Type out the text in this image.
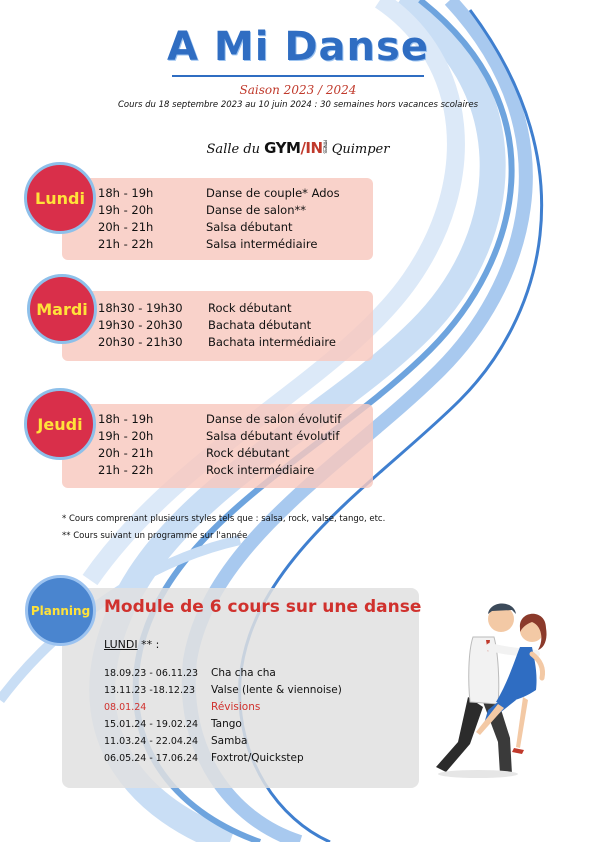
A Mi Danse
Saison 2023 / 2024
Cours du 18 septembre 2023 au 10 juin 2024 : 30 semaines hors vacances scolaires
Salle du GYM/INFITNESS Quimper
18h - 19h	Danse de couple* Ados
19h - 20h	Danse de salon**
20h - 21h	Salsa débutant
21h - 22h	Salsa intermédiaire
Lundi
18h30 - 19h30 Rock débutant
19h30 - 20h30 Bachata débutant
20h30 - 21h30 Bachata intermédiaire
Mardi
18h - 19h	Danse de salon évolutif
19h - 20h	Salsa débutant évolutif
20h - 21h	Rock débutant
21h - 22h	Rock intermédiaire
Jeudi
* Cours comprenant plusieurs styles tels que : salsa, rock, valse, tango, etc.
** Cours suivant un programme sur l'année
Planning Module de 6 cours sur une danse
LUNDI ** :
18.09.23 - 06.11.23 Cha cha cha
13.11.23 -18.12.23 Valse (lente & viennoise)
08.01.24	Révisions
15.01.24 - 19.02.24 Tango
11.03.24 - 22.04.24 Samba
06.05.24 - 17.06.24 Foxtrot/Quickstep
